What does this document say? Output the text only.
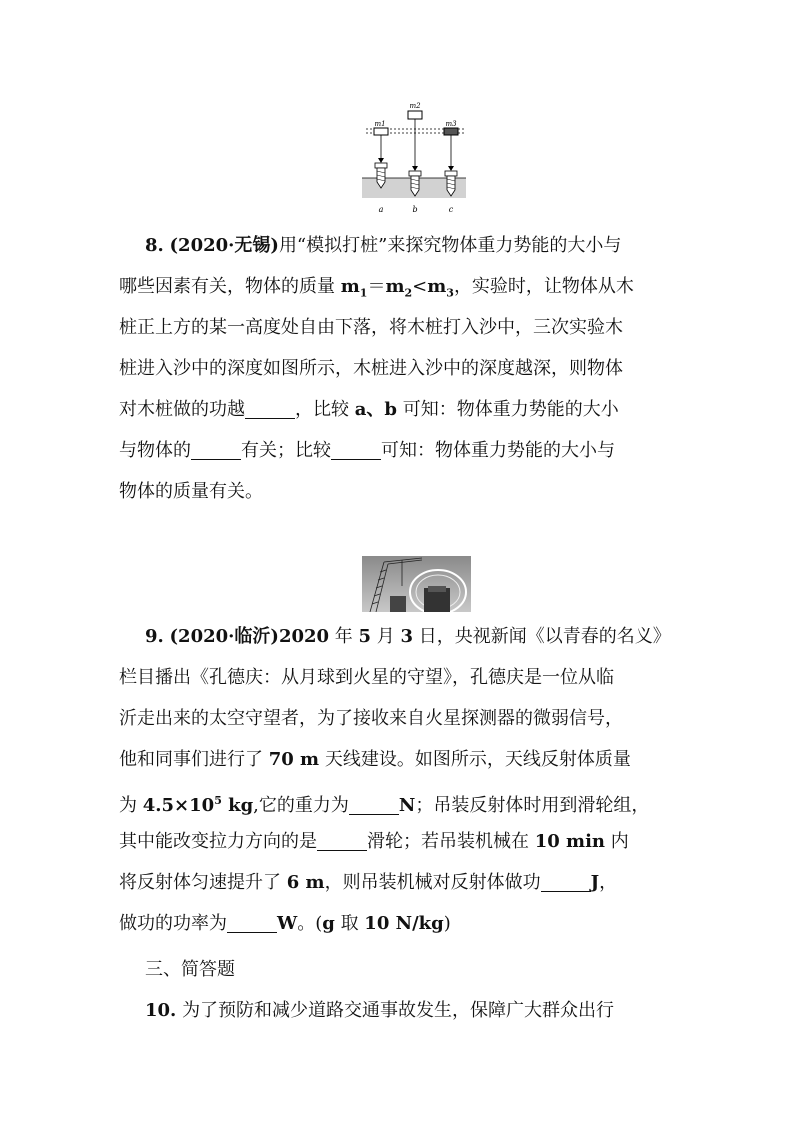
m2
m1	m3
a	b	c
8. (2020·无锡)用“模拟打桩”来探究物体重力势能的大小与
哪些因素有关，物体的质量 $m_1=m_2<m_3$，实验时，让物体从木
桩正上方的某一高度处自由下落，将木桩打入沙中，三次实验木
桩进入沙中的深度如图所示，木桩进入沙中的深度越深，则物体
对木桩做的功越	，比较 a、b 可知：物体重力势能的大小
与物体的	有关；比较	可知：物体重力势能的大小与
物体的质量有关。
9. (2020·临沂)2020 年 5 月 3 日，央视新闻《以青春的名义》
栏目播出《孔德庆：从月球到火星的守望》，孔德庆是一位从临
沂走出来的太空守望者，为了接收来自火星探测器的微弱信号，
他和同事们进行了 70 m 天线建设。如图所示，天线反射体质量
为 $4.5\times 10^5$ kg,它的重力为	N；吊装反射体时用到滑轮组，
其中能改变拉力方向的是	滑轮；若吊装机械在 10 min 内
将反射体匀速提升了 6 m，则吊装机械对反射体做功	J，
做功的功率为	W。(g 取 10 N/kg)
三、简答题
10. 为了预防和减少道路交通事故发生，保障广大群众出行
